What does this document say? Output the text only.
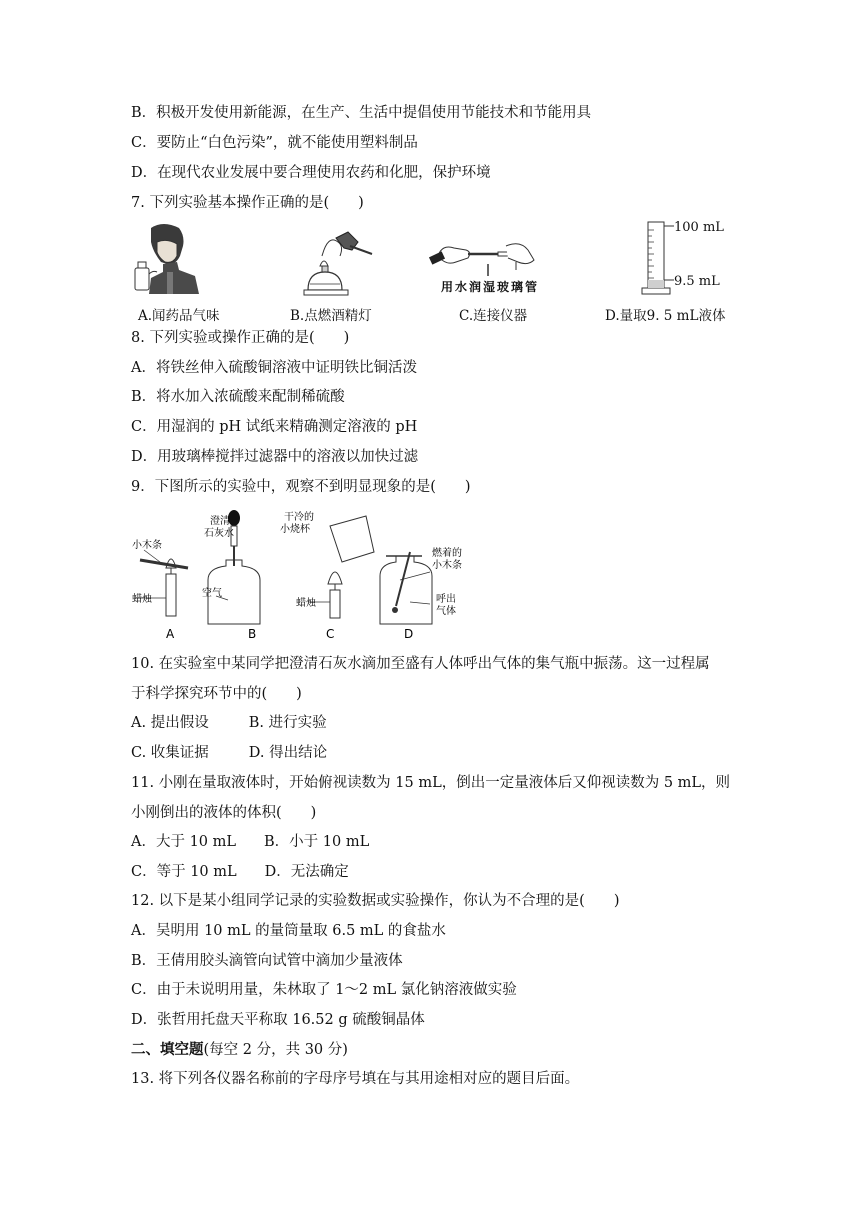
B．积极开发使用新能源，在生产、生活中提倡使用节能技术和节能用具
C．要防止“白色污染”，就不能使用塑料制品
D．在现代农业发展中要合理使用农药和化肥，保护环境
7. 下列实验基本操作正确的是(　　)
A.闻药品气味	B.点燃酒精灯
用水润湿玻璃管
C.连接仪器
100 mL
9.5 mL
D.量取9. 5 mL液体
8. 下列实验或操作正确的是(　　)
A．将铁丝伸入硫酸铜溶液中证明铁比铜活泼
B．将水加入浓硫酸来配制稀硫酸
C．用湿润的 pH 试纸来精确测定溶液的 pH
D．用玻璃棒搅拌过滤器中的溶液以加快过滤
9．下图所示的实验中，观察不到明显现象的是(　　)
小木条
蜡烛
A
澄清
石灰水
空气
B
干冷的
小烧杯
蜡烛
C
燃着的
小木条
呼出
气体
D
10. 在实验室中某同学把澄清石灰水滴加至盛有人体呼出气体的集气瓶中振荡。这一过程属
于科学探究环节中的(　　)
A. 提出假设	B. 进行实验
C. 收集证据	D. 得出结论
11. 小刚在量取液体时，开始俯视读数为 15 mL，倒出一定量液体后又仰视读数为 5 mL，则
小刚倒出的液体的体积(　　)
A．大于 10 mL B．小于 10 mL
C．等于 10 mL D．无法确定
12. 以下是某小组同学记录的实验数据或实验操作，你认为不合理的是(　　)
A．吴明用 10 mL 的量筒量取 6.5 mL 的食盐水
B．王倩用胶头滴管向试管中滴加少量液体
C．由于未说明用量，朱林取了 1～2 mL 氯化钠溶液做实验
D．张哲用托盘天平称取 16.52 g 硫酸铜晶体
二、填空题(每空 2 分，共 30 分)
13. 将下列各仪器名称前的字母序号填在与其用途相对应的题目后面。
